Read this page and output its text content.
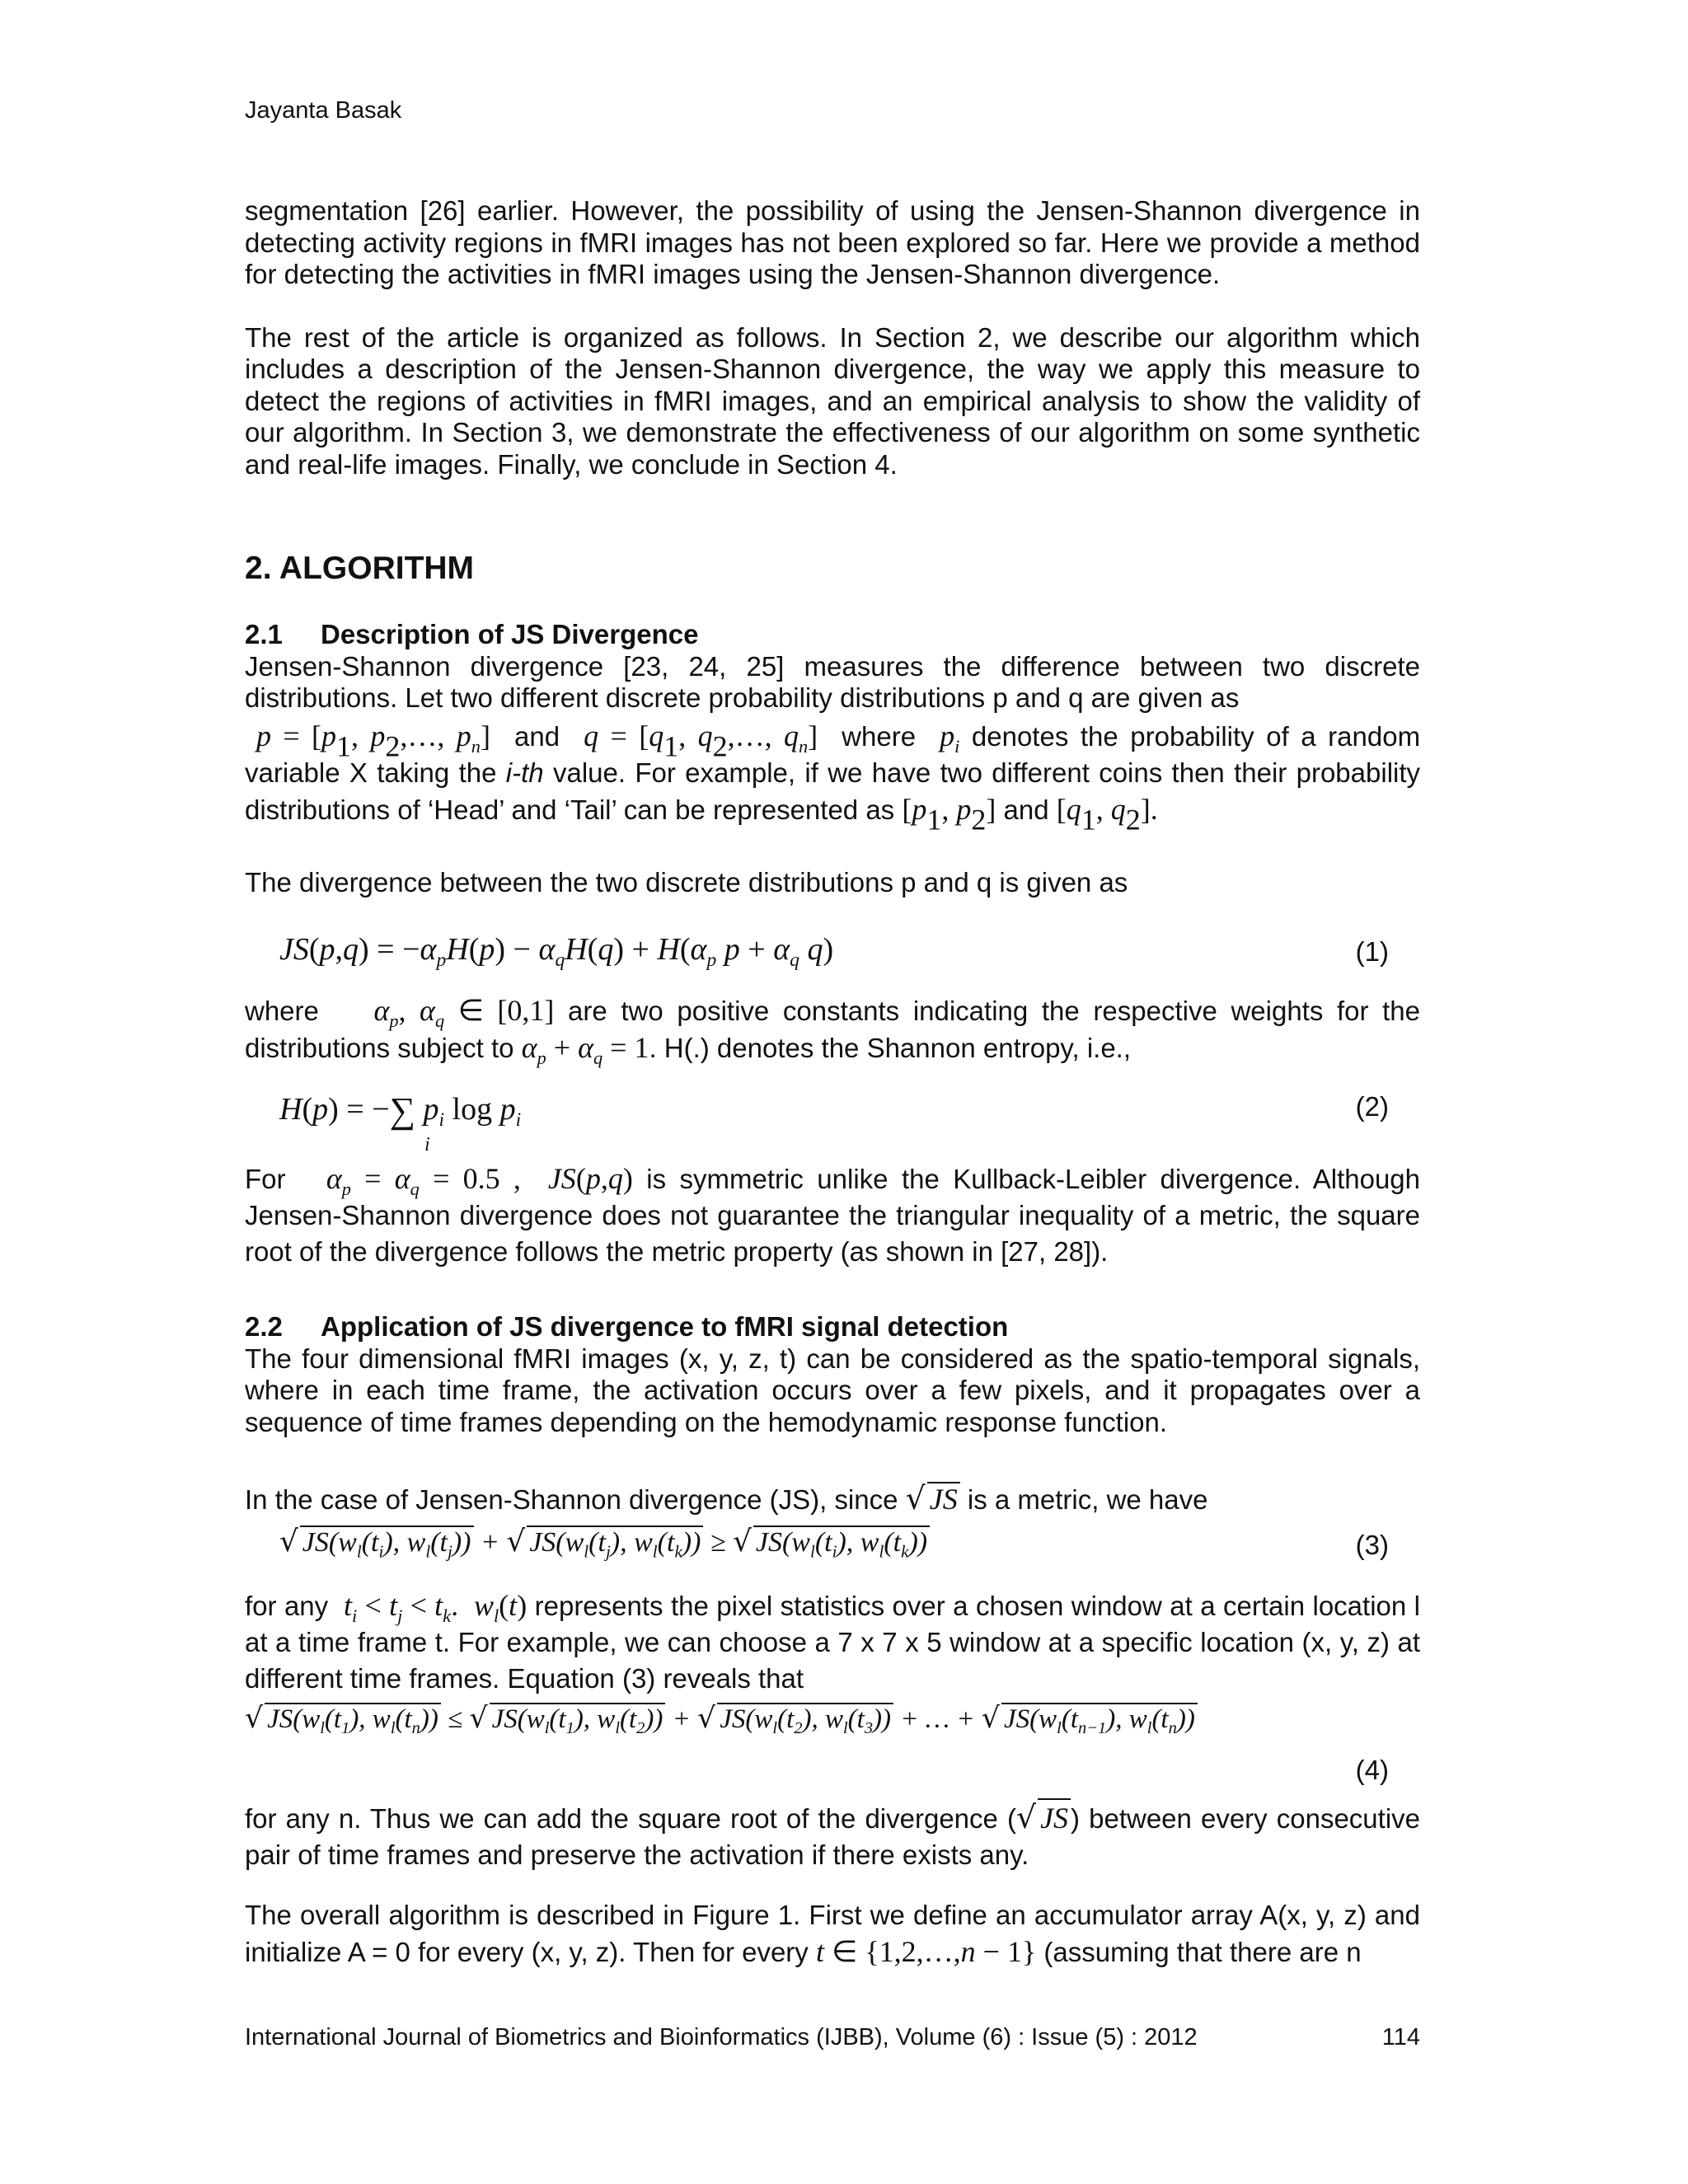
Jayanta Basak

segmentation [26] earlier. However, the possibility of using the Jensen-Shannon divergence in detecting activity regions in fMRI images has not been explored so far. Here we provide a method for detecting the activities in fMRI images using the Jensen-Shannon divergence.

The rest of the article is organized as follows. In Section 2, we describe our algorithm which includes a description of the Jensen-Shannon divergence, the way we apply this measure to detect the regions of activities in fMRI images, and an empirical analysis to show the validity of our algorithm. In Section 3, we demonstrate the effectiveness of our algorithm on some synthetic and real-life images. Finally, we conclude in Section 4.

2. ALGORITHM
2.1 Description of JS Divergence

Jensen-Shannon divergence [23, 24, 25] measures the difference between two discrete distributions. Let two different discrete probability distributions p and q are given as

$p = [p_1$, $p_2,\dots$, $p_n$] and $q = [q_1$, $q_2,\dots$, $q_n$] where $p_i$ denotes the probability of a random variable X taking the i-th value. For example, if we have two different coins then their probability distributions of ‘Head’ and ‘Tail’ can be represented as [$p_1$, $p_2$] and [$q_1$, $q_2$].

The divergence between the two discrete distributions p and q is given as

$JS(p,q) = -\alpha_pH(p) - \alpha_qH(q) + H(\alpha_p$ $p + \alpha_q$ q)	(1)

where $\alpha_p$, $\alpha_q$ ∈ [0,1] are two positive constants indicating the respective weights for the distributions subject to $\alpha_p + \alpha_q = 1$. H(.) denotes the Shannon entropy, i.e.,

H(p) = −∑
i
$p_i$ $\log p_i$	(2)

For $\alpha_p = \alpha_q = 0.5$ , JS(p,q) is symmetric unlike the Kullback-Leibler divergence. Although Jensen-Shannon divergence does not guarantee the triangular inequality of a metric, the square root of the divergence follows the metric property (as shown in [27, 28]).

2.2 Application of JS divergence to fMRI signal detection

The four dimensional fMRI images (x, y, z, t) can be considered as the spatio-temporal signals, where in each time frame, the activation occurs over a few pixels, and it propagates over a sequence of time frames depending on the hemodynamic response function.

In the case of Jensen-Shannon divergence (JS), since √ JS is a metric, we have

√ $JS(w_l(t_i)$, $w_l(t_j)$) + √ $JS(w_l(t_j)$, $w_l(t_k)$) ≥ √ $JS(w_l(t_i)$, $w_l(t_k)$)	(3)

for any $t_i < t_j < t_k$. $w_l(t)$ represents the pixel statistics over a chosen window at a certain location l at a time frame t. For example, we can choose a 7 x 7 x 5 window at a specific location (x, y, z) at different time frames. Equation (3) reveals that

√ $JS(w_l(t_1)$, $w_l(t_n)$) ≤ √ $JS(w_l(t_1)$, $w_l(t_2)$) + √ $JS(w_l(t_2)$, $w_l(t_3)$) + … + √ $JS(w_l(t_{n-1})$, $w_l(t_n)$)
(4)

for any n. Thus we can add the square root of the divergence (√ JS) between every consecutive pair of time frames and preserve the activation if there exists any.

The overall algorithm is described in Figure 1. First we define an accumulator array A(x, y, z) and initialize A = 0 for every (x, y, z). Then for every t ∈ {1,2,…,n − 1} (assuming that there are n

International Journal of Biometrics and Bioinformatics (IJBB), Volume (6) : Issue (5) : 2012	114
